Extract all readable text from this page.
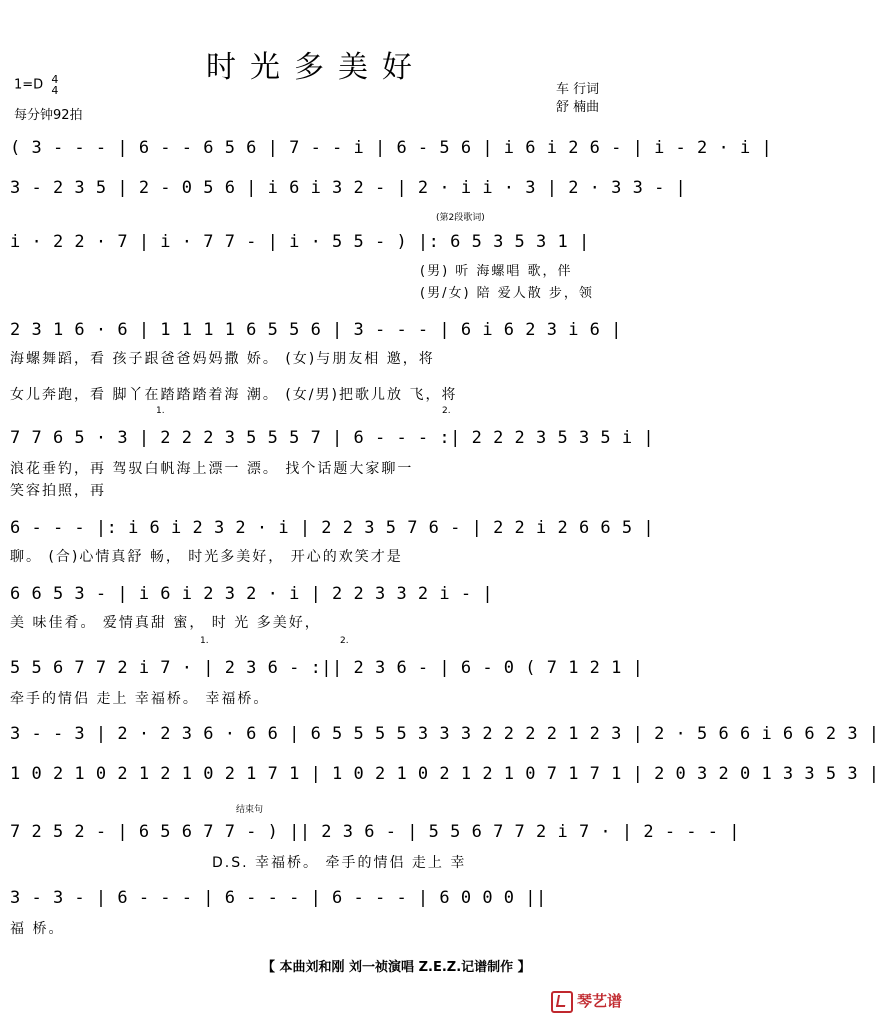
时光多美好
1=D 4
4
每分钟92拍
车 行词
舒 楠曲
( 3 - - - | 6 - - 6 5 6 | 7 - - i | 6 - 5 6 | i 6 i 2 6 - | i - 2 · i |
3 - 2 3 5 | 2 - 0 5 6 | i 6 i 3 2 - | 2 · i i · 3 | 2 · 3 3 - |
(第2段歌词)
i · 2 2 · 7 | i · 7 7 - | i · 5 5 - ) |: 6 5 3 5 3 1 |
(男) 听 海螺唱 歌，伴
(男/女) 陪 爱人散 步，领
2 3 1 6 · 6 | 1 1 1 1 6 5 5 6 | 3 - - - | 6 i 6 2 3 i 6 |
海螺舞蹈，看 孩子跟爸爸妈妈撒 娇。 (女)与朋友相 邀，将
女儿奔跑，看 脚丫在踏踏踏着海 潮。 (女/男)把歌儿放 飞，将
1.	2.
7 7 6 5 · 3 | 2 2 2 3 5 5 5 7 | 6 - - - :| 2 2 2 3 5 3 5 i |
浪花垂钓，再 驾驭白帆海上漂一 漂。 找个话题大家聊一
笑容拍照，再
6 - - - |: i 6 i 2 3 2 · i | 2 2 3 5 7 6 - | 2 2 i 2 6 6 5 |
聊。 (合)心情真舒 畅， 时光多美好， 开心的欢笑才是
6 6 5 3 - | i 6 i 2 3 2 · i | 2 2 3 3 2 i - |
美 味佳肴。 爱情真甜 蜜， 时 光 多美好，
1.	2.
5 5 6 7 7 2 i 7 · | 2 3 6 - :|| 2 3 6 - | 6 - 0 ( 7 1 2 1 |
牵手的情侣 走上 幸福桥。 幸福桥。
3 - - 3 | 2 · 2 3 6 · 6 6 | 6 5 5 5 5 3 3 3 2 2 2 2 1 2 3 | 2 · 5 6 6 i 6 6 2 3 |
1 0 2 1 0 2 1 2 1 0 2 1 7 1 | 1 0 2 1 0 2 1 2 1 0 7 1 7 1 | 2 0 3 2 0 1 3 3 5 3 |
结束句
7 2 5 2 - | 6 5 6 7 7 - ) || 2 3 6 - | 5 5 6 7 7 2 i 7 · | 2 - - - |
D.S. 幸福桥。 牵手的情侣 走上 幸
3 - 3 - | 6 - - - | 6 - - - | 6 - - - | 6 0 0 0 ||
福 桥。
【 本曲刘和刚 刘一祯演唱 Z.E.Z.记谱制作 】
琴艺谱
